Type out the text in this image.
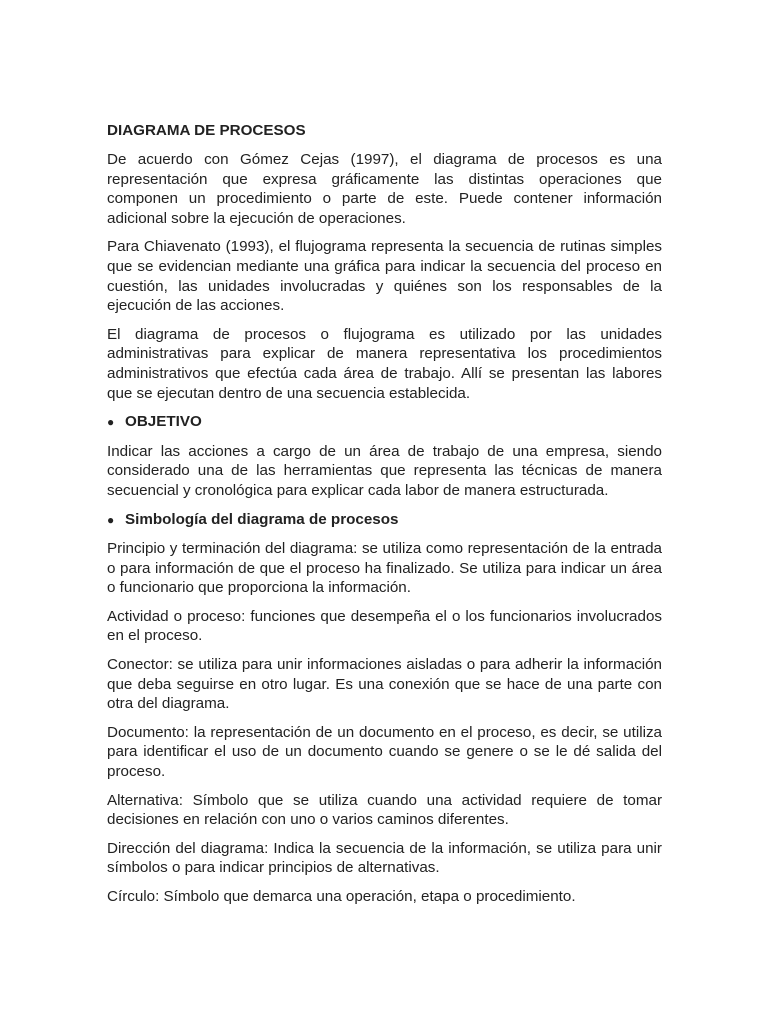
DIAGRAMA DE PROCESOS

De acuerdo con Gómez Cejas (1997), el diagrama de procesos es una representación que expresa gráficamente las distintas operaciones que componen un procedimiento o parte de este. Puede contener información adicional sobre la ejecución de operaciones.

Para Chiavenato (1993), el flujograma representa la secuencia de rutinas simples que se evidencian mediante una gráfica para indicar la secuencia del proceso en cuestión, las unidades involucradas y quiénes son los responsables de la ejecución de las acciones.

El diagrama de procesos o flujograma es utilizado por las unidades administrativas para explicar de manera representativa los procedimientos administrativos que efectúa cada área de trabajo. Allí se presentan las labores que se ejecutan dentro de una secuencia establecida.

● OBJETIVO

Indicar las acciones a cargo de un área de trabajo de una empresa, siendo considerado una de las herramientas que representa las técnicas de manera secuencial y cronológica para explicar cada labor de manera estructurada.

● Simbología del diagrama de procesos

Principio y terminación del diagrama: se utiliza como representación de la entrada o para información de que el proceso ha finalizado. Se utiliza para indicar un área o funcionario que proporciona la información.

Actividad o proceso: funciones que desempeña el o los funcionarios involucrados en el proceso.

Conector: se utiliza para unir informaciones aisladas o para adherir la información que deba seguirse en otro lugar. Es una conexión que se hace de una parte con otra del diagrama.

Documento: la representación de un documento en el proceso, es decir, se utiliza para identificar el uso de un documento cuando se genere o se le dé salida del proceso.

Alternativa: Símbolo que se utiliza cuando una actividad requiere de tomar decisiones en relación con uno o varios caminos diferentes.

Dirección del diagrama: Indica la secuencia de la información, se utiliza para unir símbolos o para indicar principios de alternativas.

Círculo: Símbolo que demarca una operación, etapa o procedimiento.
